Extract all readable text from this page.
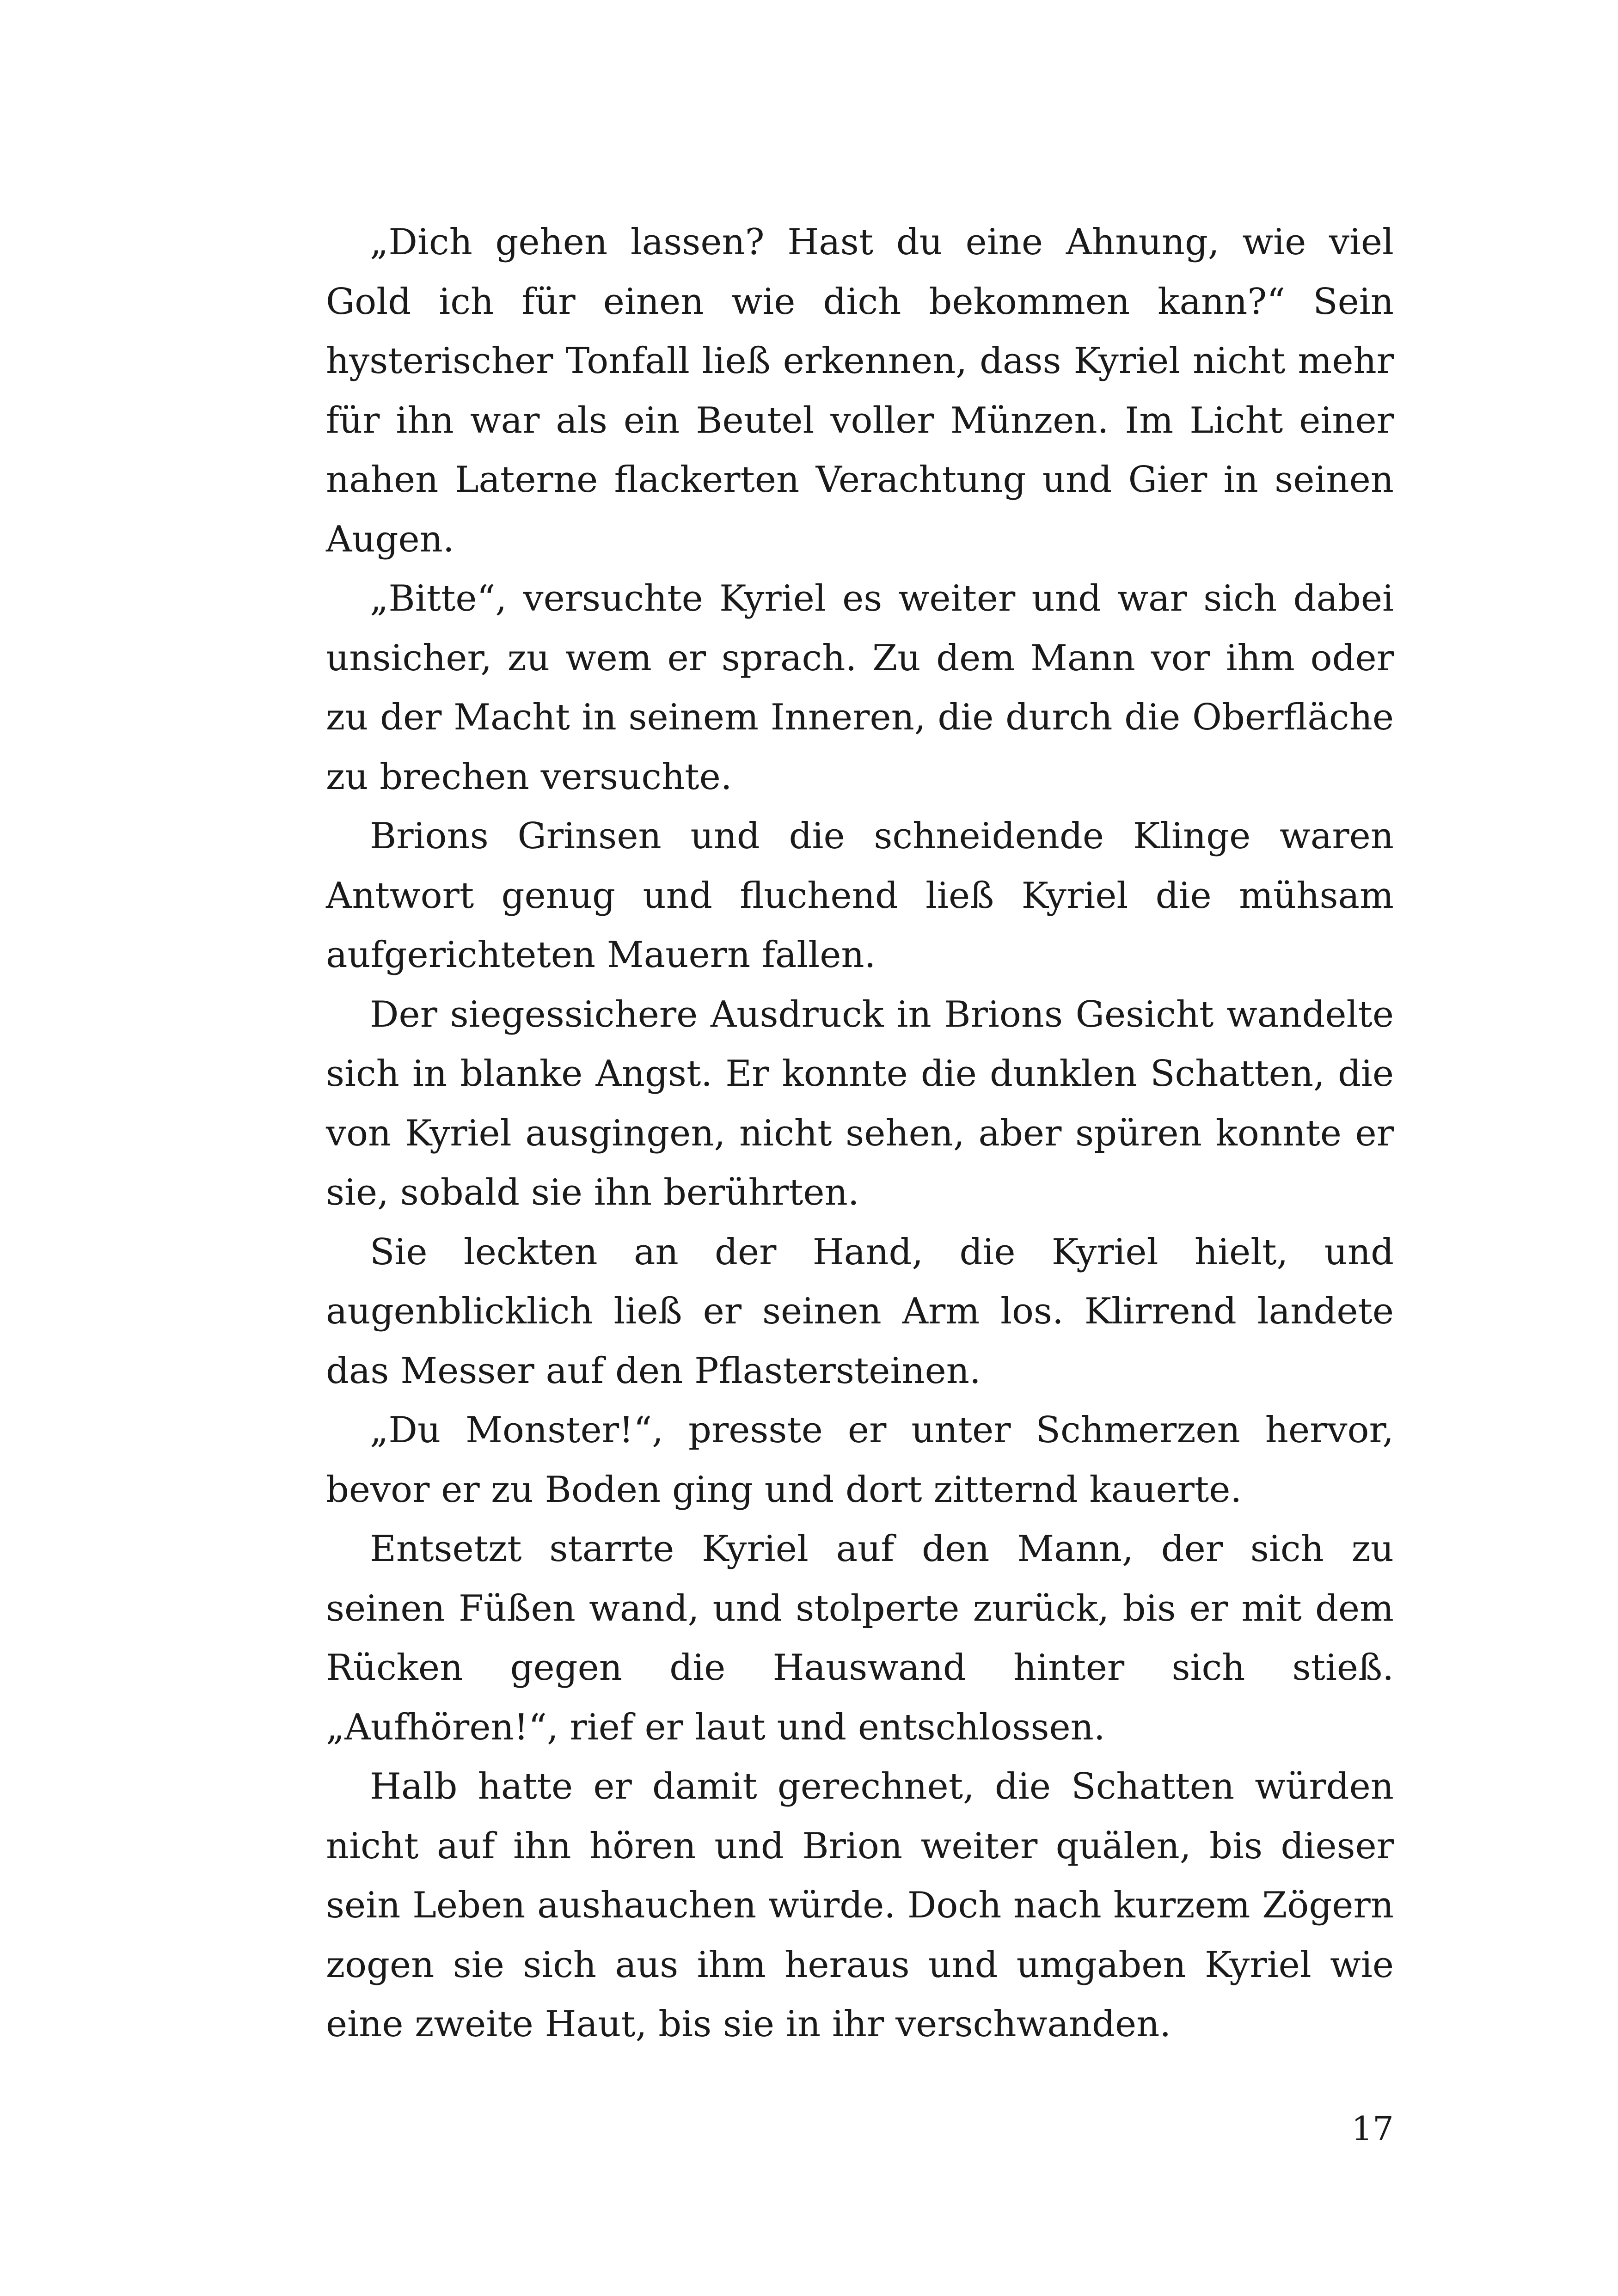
„Dich gehen lassen? Hast du eine Ahnung, wie viel Gold ich für einen wie dich bekommen kann?“ Sein hysterischer Tonfall ließ erkennen, dass Kyriel nicht mehr für ihn war als ein Beutel voller Münzen. Im Licht einer nahen Laterne flackerten Verachtung und Gier in seinen Augen.

„Bitte“, versuchte Kyriel es weiter und war sich dabei unsicher, zu wem er sprach. Zu dem Mann vor ihm oder zu der Macht in seinem Inneren, die durch die Oberfläche zu brechen versuchte.

Brions Grinsen und die schneidende Klinge waren Antwort genug und fluchend ließ Kyriel die mühsam aufgerichteten Mauern fallen.

Der siegessichere Ausdruck in Brions Gesicht wandelte sich in blanke Angst. Er konnte die dunklen Schatten, die von Kyriel ausgingen, nicht sehen, aber spüren konnte er sie, sobald sie ihn berührten.

Sie leckten an der Hand, die Kyriel hielt, und augenblicklich ließ er seinen Arm los. Klirrend landete das Messer auf den Pflastersteinen.

„Du Monster!“, presste er unter Schmerzen hervor, bevor er zu Boden ging und dort zitternd kauerte.

Entsetzt starrte Kyriel auf den Mann, der sich zu seinen Füßen wand, und stolperte zurück, bis er mit dem Rücken gegen die Hauswand hinter sich stieß. „Aufhören!“, rief er laut und entschlossen.

Halb hatte er damit gerechnet, die Schatten würden nicht auf ihn hören und Brion weiter quälen, bis dieser sein Leben aushauchen würde. Doch nach kurzem Zögern zogen sie sich aus ihm heraus und umgaben Kyriel wie eine zweite Haut, bis sie in ihr verschwanden.

17
